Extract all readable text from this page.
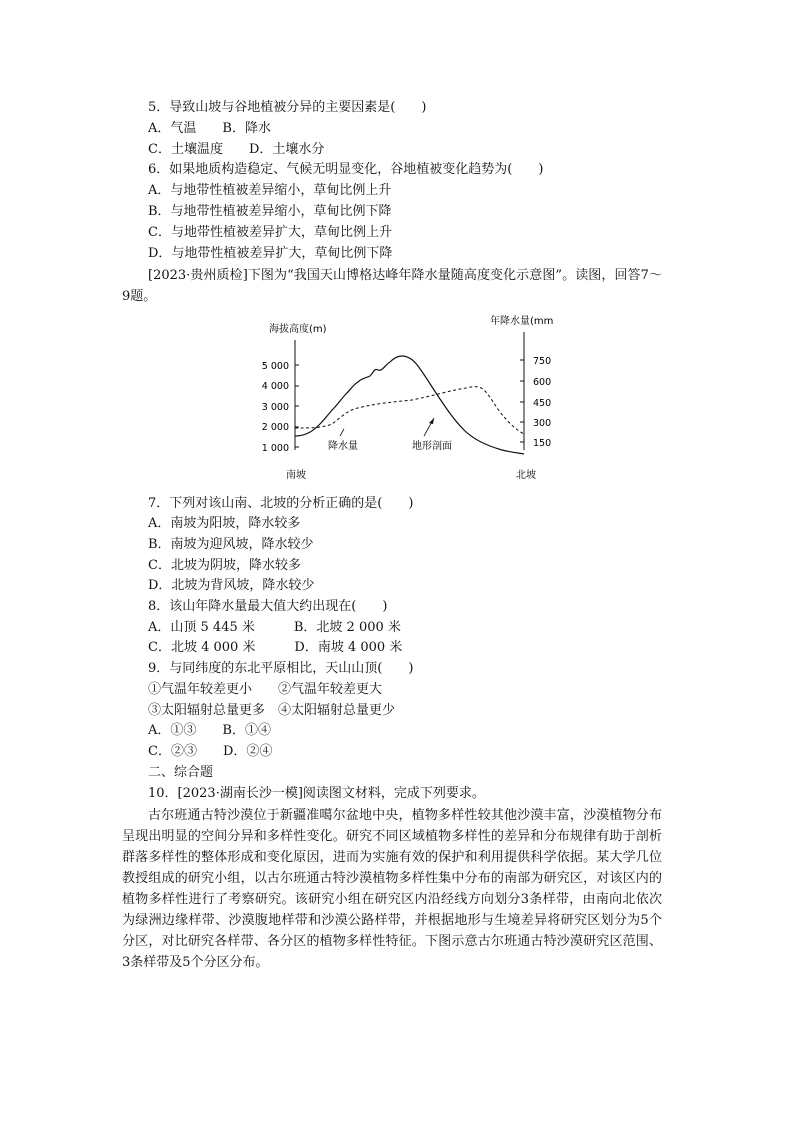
5．导致山坡与谷地植被分异的主要因素是(　　)
A．气温　　B．降水
C．土壤温度　　D．土壤水分
6．如果地质构造稳定、气候无明显变化，谷地植被变化趋势为(　　)
A．与地带性植被差异缩小，草甸比例上升
B．与地带性植被差异缩小，草甸比例下降
C．与地带性植被差异扩大，草甸比例上升
D．与地带性植被差异扩大，草甸比例下降
[2023·贵州质检]下图为“我国天山博格达峰年降水量随高度变化示意图”。读图，回答7～9题。
海拔高度(m)
年降水量(mm)
1 000
2 000
3 000
4 000
5 000
150
300
450
600
750
降水量	地形剖面
南坡	北坡
7．下列对该山南、北坡的分析正确的是(　　)
A．南坡为阳坡，降水较多
B．南坡为迎风坡，降水较少
C．北坡为阴坡，降水较多
D．北坡为背风坡，降水较少
8．该山年降水量最大值大约出现在(　　)
A．山顶 5 445 米　　　B．北坡 2 000 米
C．北坡 4 000 米　　　D．南坡 4 000 米
9．与同纬度的东北平原相比，天山山顶(　　)
①气温年较差更小　　②气温年较差更大
③太阳辐射总量更多　④太阳辐射总量更少
A．①③　　B．①④
C．②③　　D．②④
二、综合题
10．[2023·湖南长沙一模]阅读图文材料，完成下列要求。
古尔班通古特沙漠位于新疆准噶尔盆地中央，植物多样性较其他沙漠丰富，沙漠植物分布呈现出明显的空间分异和多样性变化。研究不同区域植物多样性的差异和分布规律有助于剖析群落多样性的整体形成和变化原因，进而为实施有效的保护和利用提供科学依据。某大学几位教授组成的研究小组，以古尔班通古特沙漠植物多样性集中分布的南部为研究区，对该区内的植物多样性进行了考察研究。该研究小组在研究区内沿经线方向划分3条样带，由南向北依次为绿洲边缘样带、沙漠腹地样带和沙漠公路样带，并根据地形与生境差异将研究区划分为5个分区，对比研究各样带、各分区的植物多样性特征。下图示意古尔班通古特沙漠研究区范围、3条样带及5个分区分布。
